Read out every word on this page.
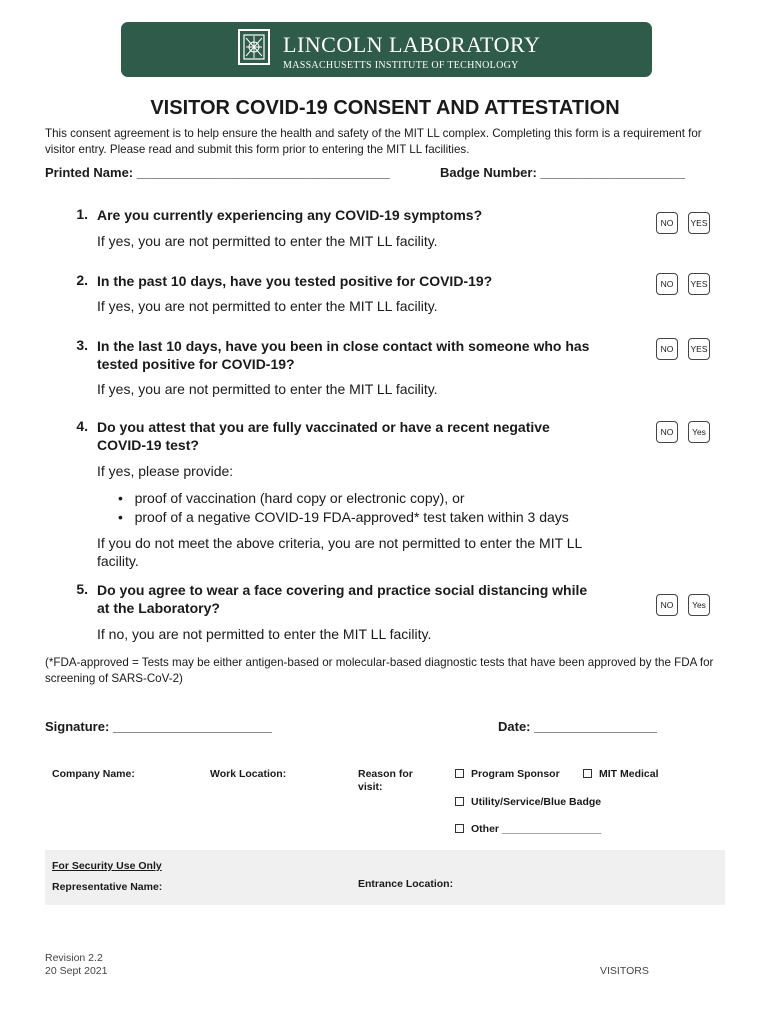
LINCOLN LABORATORY
MASSACHUSETTS INSTITUTE OF TECHNOLOGY
VISITOR COVID-19 CONSENT AND ATTESTATION
This consent agreement is to help ensure the health and safety of the MIT LL complex. Completing this form is a requirement for visitor entry. Please read and submit this form prior to entering the MIT LL facilities.
Printed Name: ___________________________________	Badge Number: ____________________
1. Are you currently experiencing any COVID-19 symptoms?
If yes, you are not permitted to enter the MIT LL facility.
NO	YES
2. In the past 10 days, have you tested positive for COVID-19?
If yes, you are not permitted to enter the MIT LL facility.
NO	YES
3. In the last 10 days, have you been in close contact with someone who has
tested positive for COVID-19?
If yes, you are not permitted to enter the MIT LL facility.
NO	YES
4. Do you attest that you are fully vaccinated or have a recent negative
COVID-19 test?
If yes, please provide:
•   proof of vaccination (hard copy or electronic copy), or
•   proof of a negative COVID-19 FDA-approved* test taken within 3 days
If you do not meet the above criteria, you are not permitted to enter the MIT LL
facility.
NO	Yes
5. Do you agree to wear a face covering and practice social distancing while
at the Laboratory?
If no, you are not permitted to enter the MIT LL facility.
NO	Yes
(*FDA-approved = Tests may be either antigen-based or molecular-based diagnostic tests that have been approved by the FDA for screening of SARS-CoV-2)
Signature: ______________________	Date: _________________
Company Name:	Work Location:	Reason for
visit:
Program Sponsor	MIT Medical
Utility/Service/Blue Badge
Other _________________
For Security Use Only
Representative Name:	Entrance Location:
Revision 2.2
20 Sept 2021	VISITORS
